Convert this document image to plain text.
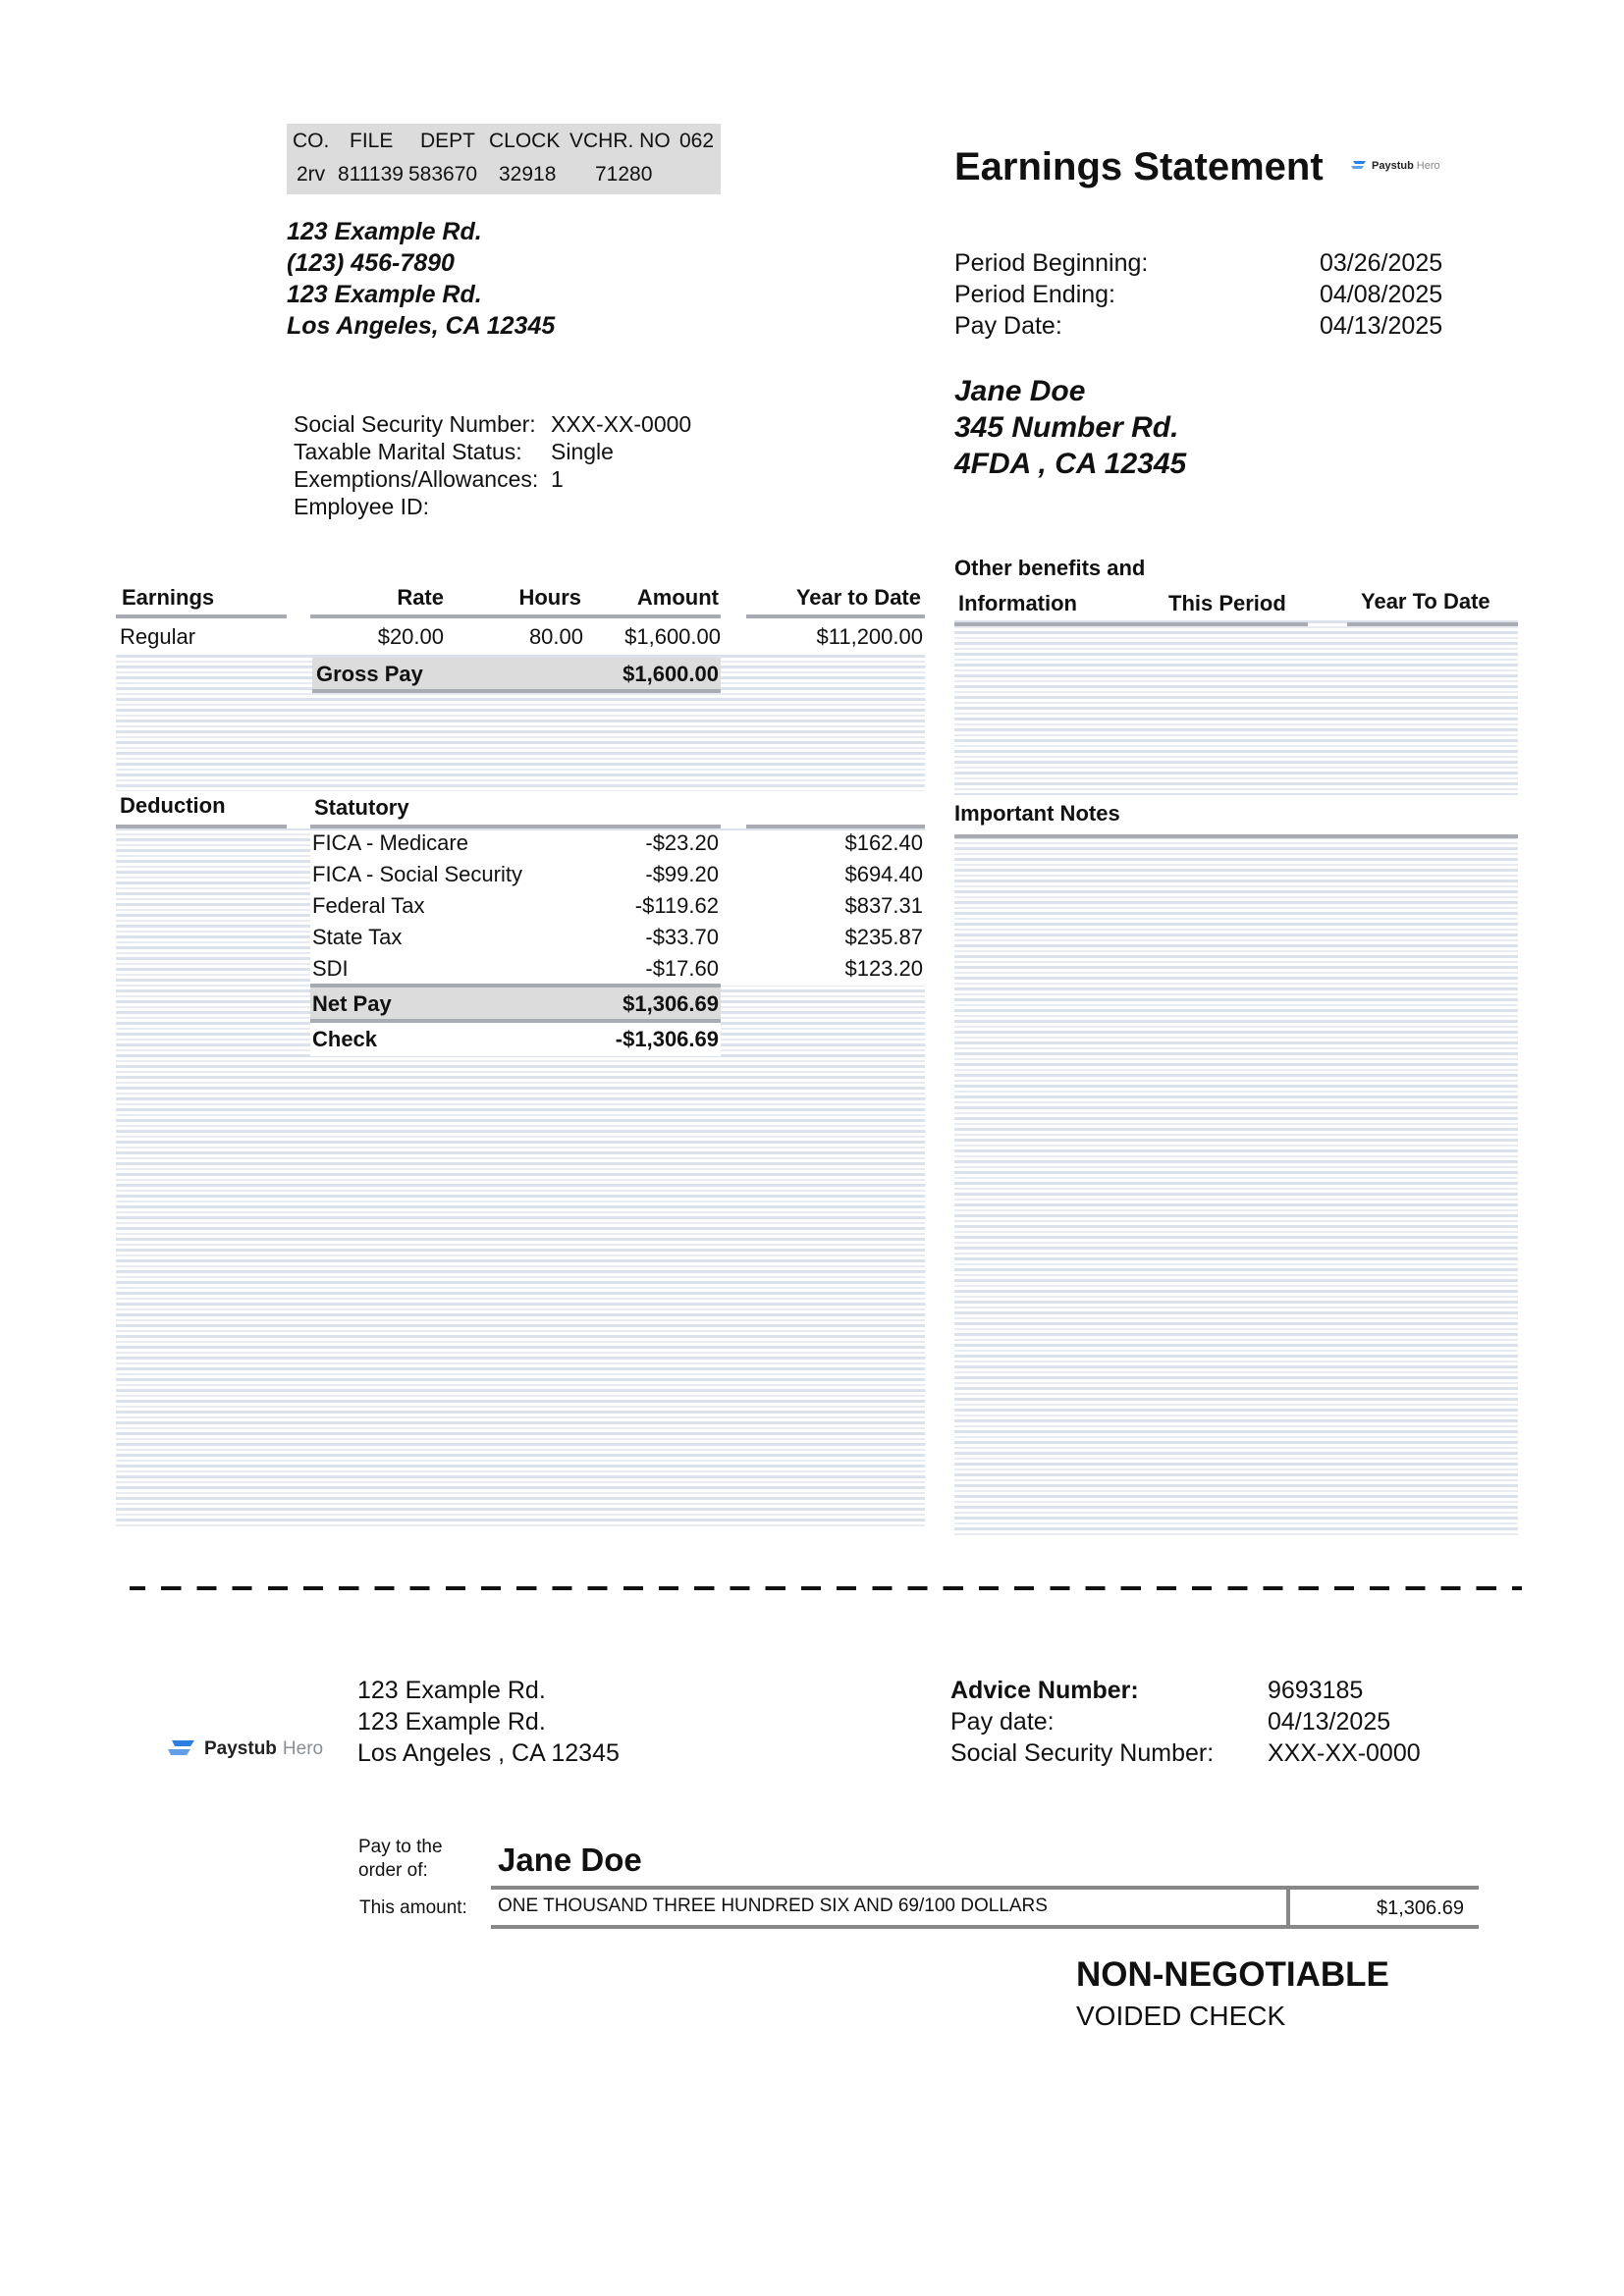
CO. FILE DEPT CLOCK VCHR. NO 062
2rv 811139 583670 32918 71280
123 Example Rd.
(123) 456-7890
123 Example Rd.
Los Angeles, CA 12345
Social Security Number: XXX-XX-0000
Taxable Marital Status: Single
Exemptions/Allowances: 1
Employee ID:
Earnings Statement	Paystub Hero
Period Beginning:	03/26/2025
Period Ending:	04/08/2025
Pay Date:	04/13/2025
Jane Doe
345 Number Rd.
4FDA , CA 12345
Earnings	Rate	Hours	Amount	Year to Date
Regular	$20.00	80.00	$1,600.00	$11,200.00
Gross Pay	$1,600.00
Deduction	Statutory
FICA - Medicare	-$23.20	$162.40
FICA - Social Security	-$99.20	$694.40
Federal Tax	-$119.62	$837.31
State Tax	-$33.70	$235.87
SDI	-$17.60	$123.20
Net Pay	$1,306.69
Check	-$1,306.69
Other benefits and
Information	This Period	Year To Date
Important Notes
Paystub Hero
123 Example Rd.
123 Example Rd.
Los Angeles , CA 12345
Advice Number:	9693185
Pay date:	04/13/2025
Social Security Number: XXX-XX-0000
Pay to the
order of:	Jane Doe
This amount: ONE THOUSAND THREE HUNDRED SIX AND 69/100 DOLLARS	$1,306.69
NON-NEGOTIABLE
VOIDED CHECK
